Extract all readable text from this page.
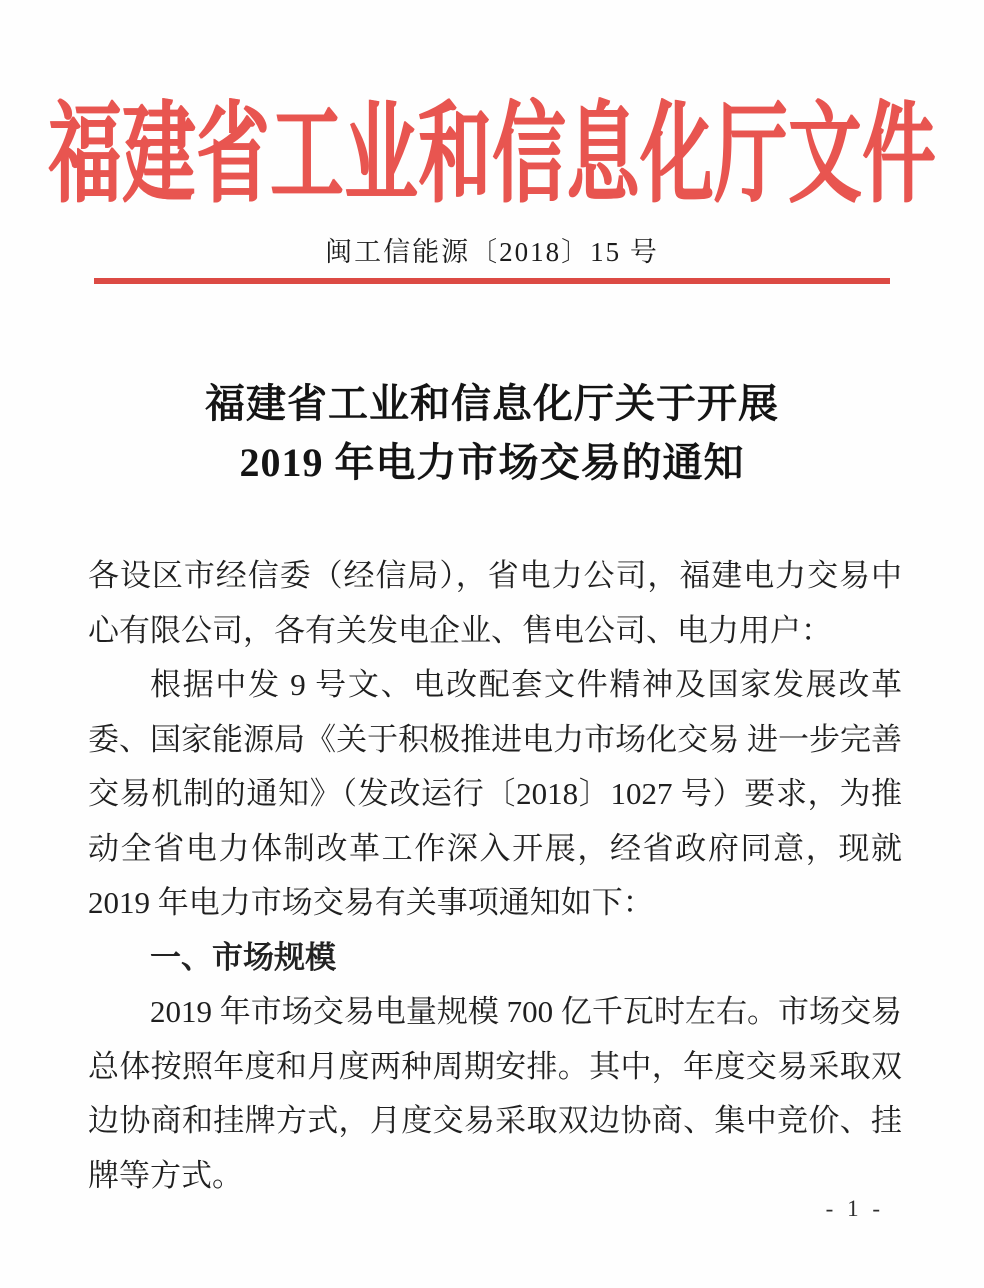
福建省工业和信息化厅文件
闽工信能源〔2018〕15 号
福建省工业和信息化厅关于开展
2019 年电力市场交易的通知

各设区市经信委（经信局），省电力公司，福建电力交易中心有限公司，各有关发电企业、售电公司、电力用户：

根据中发 9 号文、电改配套文件精神及国家发展改革委、国家能源局《关于积极推进电力市场化交易 进一步完善交易机制的通知》（发改运行〔2018〕1027 号）要求，为推动全省电力体制改革工作深入开展，经省政府同意，现就 2019 年电力市场交易有关事项通知如下：

一、市场规模

2019 年市场交易电量规模 700 亿千瓦时左右。市场交易总体按照年度和月度两种周期安排。其中，年度交易采取双边协商和挂牌方式，月度交易采取双边协商、集中竞价、挂牌等方式。

- 1 -
